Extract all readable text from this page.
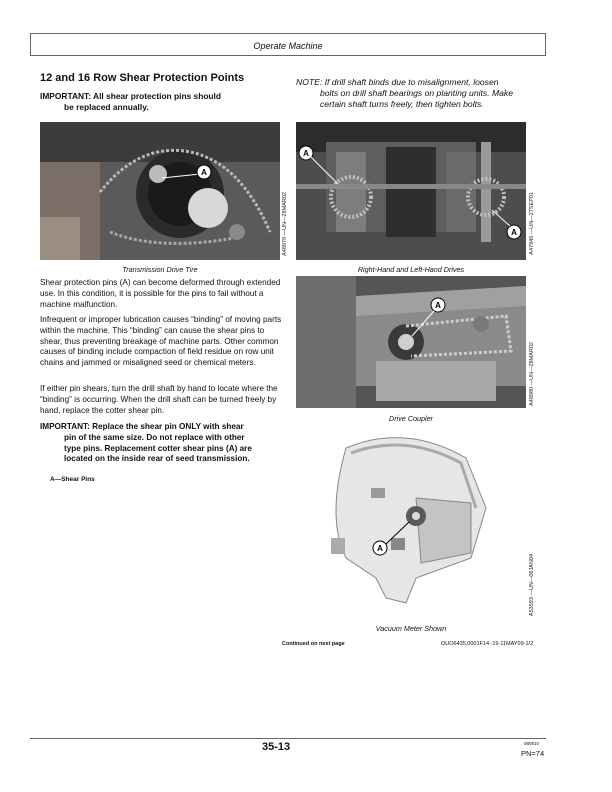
Operate Machine
12 and 16 Row Shear Protection Points
IMPORTANT: All shear protection pins should
be replaced annually.
NOTE: If drill shaft binds due to misalignment, loosen
bolts on drill shaft bearings on planting units. Make
certain shaft turns freely, then tighten bolts.
A
A48979 —UN—28MAR02
Transmission Drive Tire
A
A A47945 —UN—27SEP01
Right-Hand and Left-Hand Drives
A
A48980 —UN—28MAR02
Drive Coupler
A
A53593 —UN—06JAN04
Vacuum Meter Shown
Shear protection pins (A) can become deformed through extended use. In this condition, it is possible for the pins to fail without a machine malfunction.
Infrequent or improper lubrication causes “binding” of moving parts within the machine. This “binding” can cause the shear pins to shear, thus preventing breakage of machine parts. Other common causes of binding include compaction of field residue on row unit chains and jammed or misaligned seed or chemical meters.
If either pin shears, turn the drill shaft by hand to locate where the “binding” is occurring. When the drill shaft can be turned freely by hand, replace the cotter shear pin.
IMPORTANT: Replace the shear pin ONLY with shear
pin of the same size. Do not replace with other
type pins. Replacement cotter shear pins (A) are
located on the inside rear of seed transmission.
A—Shear Pins
Continued on next page	OUO6435,0001F14 -19-11MAY09-1/2
35-13	080910
PN=74
